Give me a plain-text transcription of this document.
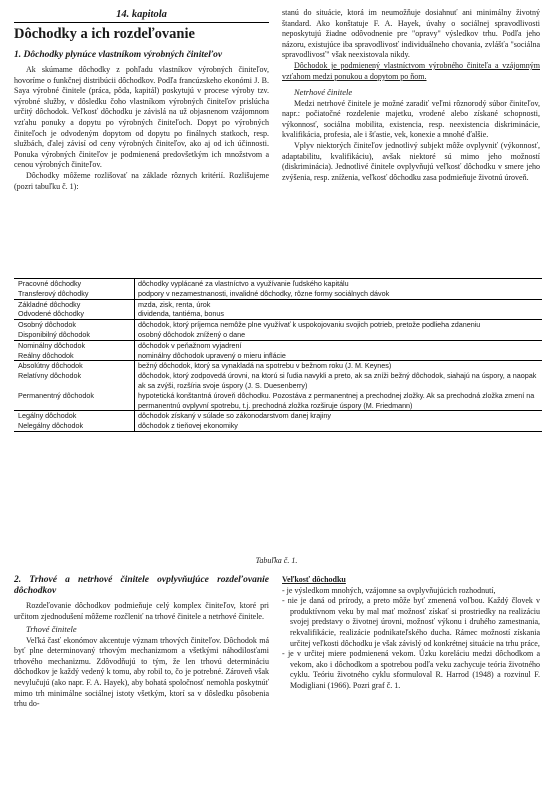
14. kapitola

Dôchodky a ich rozdeľovanie
1. Dôchodky plynúce vlastníkom výrobných činiteľov

Ak skúmame dôchodky z pohľadu vlastníkov výrobných činiteľov, hovoríme o funkčnej distribúcii dôchodkov. Podľa francúzskeho ekonómi J. B. Saya výrobné činitele (práca, pôda, kapitál) poskytujú v procese výroby tzv. výrobné služby, v dôsledku čoho vlastníkom výrobných činiteľov prislúcha určitý dôchodok. Veľkosť dôchodku je závislá na už objasnenom vzájomnom vzťahu ponuky a dopytu po výrobných činiteľoch. Dopyt po výrobných činiteľoch je odvodeným dopytom od dopytu po finálnych statkoch, resp. službách, ďalej závisí od ceny výrobných činiteľov, ako aj od ich účinnosti. Ponuka výrobných činiteľov je podmienená predovšetkým ich množstvom a cenou výrobných činiteľov.

Dôchodky môžeme rozlišovať na základe rôznych kritérií. Rozlišujeme (pozri tabuľku č. 1):

stanú do situácie, ktorá im neumožňuje dosiahnuť ani minimálny životný štandard. Ako konštatuje F. A. Hayek, úvahy o sociálnej spravodlivosti neposkytujú žiadne odôvodnenie pre "opravy" výsledkov trhu. Podľa jeho názoru, existujúce iba spravodlivosť individuálneho chovania, zvlášťa "sociálna spravodlivosť" však neexistovala nikdy.

Dôchodok je podmienený vlastníctvom výrobného činiteľa a vzájomným vzťahom medzi ponukou a dopytom po ňom.

Netrhové činitele

Medzi netrhové činitele je možné zaradiť veľmi rôznorodý súbor činiteľov, napr.: počiatočné rozdelenie majetku, vrodené alebo získané schopnosti, výkonnosť, sociálna mobilita, existencia, resp. neexistencia diskriminácie, kvalifikácia, profesia, ale i šťastie, vek, konexie a mnohé ďalšie.

Vplyv niektorých činiteľov jednotlivý subjekt môže ovplyvniť (výkonnosť, adaptabilitu, kvalifikáciu), avšak niektoré sú mimo jeho možností (diskriminácia). Jednotlivé činitele ovplyvňujú veľkosť dôchodku v smere jeho zvýšenia, resp. zníženia, veľkosť dôchodku zasa podmieňuje životnú úroveň.

Pracovné dôchodky	dôchodky vyplácané za vlastníctvo a využívanie ľudského kapitálu
Transferový dôchodky	podpory v nezamestnanosti, invalidné dôchodky, rôzne formy sociálnych dávok
Základné dôchodky	mzda, zisk, renta, úrok
Odvodené dôchodky	dividenda, tantiéma, bonus
Osobný dôchodok	dôchodok, ktorý príjemca nemôže plne využívať k uspokojovaniu svojich potrieb, pretože podlieha zdaneniu
Disponibilný dôchodok	osobný dôchodok znížený o dane
Nominálny dôchodok	dôchodok v peňažnom vyjadrení
Reálny dôchodok	nominálny dôchodok upravený o mieru inflácie
Absolútny dôchodok	bežný dôchodok, ktorý sa vynakladá na spotrebu v bežnom roku (J. M. Keynes)
Relatívny dôchodok	dôchodok, ktorý zodpovedá úrovni, na ktorú si ľudia navykli a preto, ak sa zníži bežný dôchodok, siahajú na úspory, a naopak ak sa zvýši, rozšíria svoje úspory (J. S. Duesenberry)
Permanentný dôchodok	hypotetická konštantná úroveň dôchodku. Pozostáva z permanentnej a prechodnej zložky. Ak sa prechodná zložka zmení na permanentnú ovplyvní spotrebu, t.j. prechodná zložka rozširuje úspory (M. Friedmann)
Legálny dôchodok	dôchodok získaný v súlade so zákonodarstvom danej krajiny
Nelegálny dôchodok	dôchodok z tieňovej ekonomiky
Tabuľka č. 1.
2. Trhové a netrhové činitele ovplyvňujúce rozdeľovanie dôchodkov

Rozdeľovanie dôchodkov podmieňuje celý komplex činiteľov, ktoré pri určitom zjednodušení môžeme rozčleniť na trhové činitele a netrhové činitele.

Trhové činitele

Veľká časť ekonómov akcentuje význam trhových činiteľov. Dôchodok má byť plne determinovaný trhovým mechanizmom a všetkými náhodilosťami trhového mechanizmu. Zdôvodňujú to tým, že len trhovú determináciu dôchodkov je každý vedený k tomu, aby robil to, čo je potrebné. Zároveň však nevylučujú (ako napr. F. A. Hayek), aby bohatá spoločnosť nemohla poskytnúť mimo trh minimálne sociálnej istoty všetkým, ktorí sa v dôsledku pôsobenia trhu do-

Veľkosť dôchodku

- je výsledkom mnohých, vzájomne sa ovplyvňujúcich rozhodnutí,
- nie je daná od prírody, a preto môže byť zmenená voľbou. Každý človek v produktívnom veku by mal mať možnosť získať si prostriedky na realizáciu svojej predstavy o životnej úrovni, možnosť výkonu i druhého zamestnania, rekvalifikácie, realizácie podnikateľského ducha. Rámec možností získania určitej veľkosti dôchodku je však závislý od konkrétnej situácie na trhu práce,
- je v určitej miere podmienená vekom. Úzku koreláciu medzi dôchodkom a vekom, ako i dôchodkom a spotrebou podľa veku zachycuje teória životného cyklu. Teóriu životného cyklu sformuloval R. Harrod (1948) a rozvinul F. Modigliani (1966). Pozri graf č. 1.
